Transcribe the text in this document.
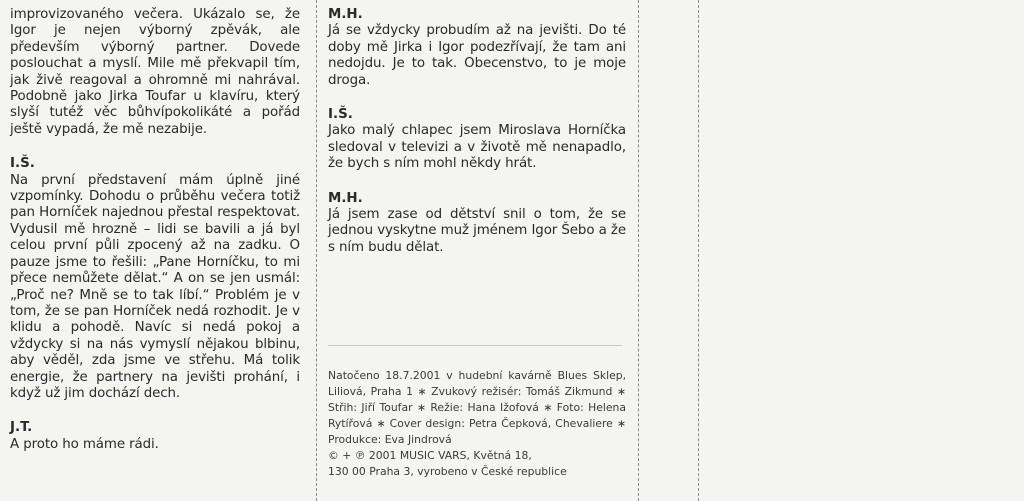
improvizovaného večera. Ukázalo se, že Igor je nejen výborný zpěvák, ale především výborný partner. Dovede poslouchat a myslí. Mile mě překvapil tím, jak živě reagoval a ohromně mi nahrával. Podobně jako Jirka Toufar u klavíru, který slyší tutéž věc bůhvípokolikáté a pořád ještě vypadá, že mě nezabije.

I.Š.

Na první představení mám úplně jiné vzpomínky. Dohodu o průběhu večera totiž pan Horníček najednou přestal respektovat. Vydusil mě hrozně – lidi se bavili a já byl celou první půli zpocený až na zadku. O pauze jsme to řešili: „Pane Horníčku, to mi přece nemůžete dělat.“ A on se jen usmál: „Proč ne? Mně se to tak líbí.“ Problém je v tom, že se pan Horníček nedá rozhodit. Je v klidu a pohodě. Navíc si nedá pokoj a vždycky si na nás vymyslí nějakou blbinu, aby věděl, zda jsme ve střehu. Má tolik energie, že partnery na jevišti prohání, i když už jim dochází dech.

J.T.

A proto ho máme rádi.

M.H.

Já se vždycky probudím až na jevišti. Do té doby mě Jirka i Igor podezřívají, že tam ani nedojdu. Je to tak. Obecenstvo, to je moje droga.

I.Š.

Jako malý chlapec jsem Miroslava Horníčka sledoval v televizi a v životě mě nenapadlo, že bych s ním mohl někdy hrát.

M.H.

Já jsem zase od dětství snil o tom, že se jednou vyskytne muž jménem Igor Šebo a že s ním budu dělat.

Natočeno 18.7.2001 v hudební kavárně Blues Sklep, Liliová, Praha 1 ∗ Zvukový režisér: Tomáš Zikmund ∗ Střih: Jiří Toufar ∗ Režie: Hana Ižofová ∗ Foto: Helena Rytířová ∗ Cover design: Petra Čepková, Chevaliere ∗ Produkce: Eva Jindrová
© + ℗ 2001 MUSIC VARS, Květná 18,
130 00 Praha 3, vyrobeno v České republice
